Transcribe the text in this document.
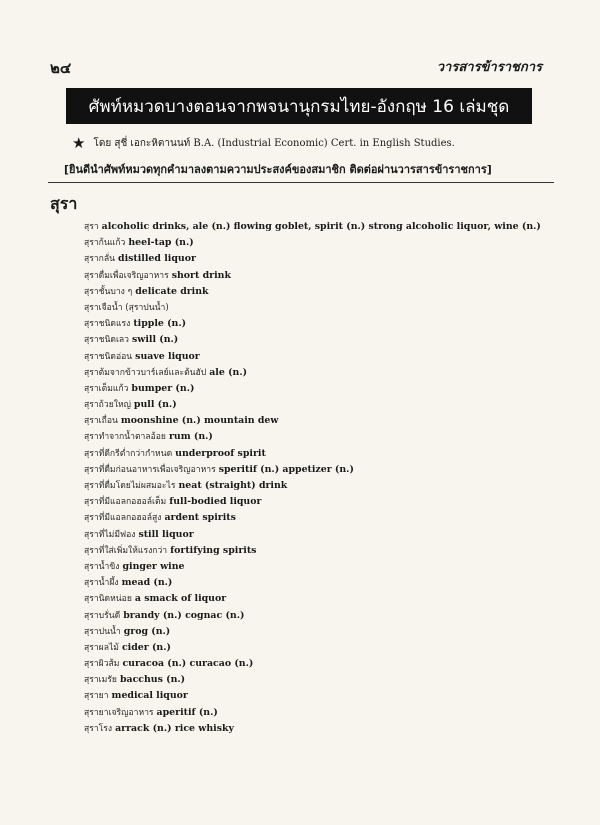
๒๔	วารสารข้าราชการ
ศัพท์หมวดบางตอนจากพจนานุกรมไทย-อังกฤษ 16 เล่มชุด
★ โดย สุชี่ เอกะหิตานนท์ B.A. (Industrial Economic) Cert. in English Studies.
[ยินดีนำศัพท์หมวดทุกคำมาลงตามความประสงค์ของสมาชิก ติดต่อผ่านวารสารข้าราชการ]
สุรา
สุรา alcoholic drinks, ale (n.) flowing goblet, spirit (n.) strong alcoholic liquor, wine (n.)
สุราก้นแก้ว heel-tap (n.)
สุรากลั่น distilled liquor
สุราดื่มเพื่อเจริญอาหาร short drink
สุราชั้นบาง ๆ delicate drink
สุราเจือน้ำ (สุราปนน้ำ)
สุราชนิดแรง tipple (n.)
สุราชนิดเลว swill (n.)
สุราชนิดอ่อน suave liquor
สุราต้มจากข้าวบาร์เลย์และต้นฮัป ale (n.)
สุราเต็มแก้ว bumper (n.)
สุราถ้วยใหญ่ pull (n.)
สุราเถื่อน moonshine (n.) mountain dew
สุราทำจากน้ำตาลอ้อย rum (n.)
สุราที่ดีกรีต่ำกว่ากำหนด underproof spirit
สุราที่ดื่มก่อนอาหารเพื่อเจริญอาหาร speritif (n.) appetizer (n.)
สุราที่ดื่มโดยไม่ผสมอะไร neat (straight) drink
สุราที่มีแอลกอฮอล์เต็ม full-bodied liquor
สุราที่มีแอลกอฮอล์สูง ardent spirits
สุราที่ไม่มีฟอง still liquor
สุราที่ใส่เพิ่มให้แรงกว่า fortifying spirits
สุราน้ำขิง ginger wine
สุราน้ำผึ้ง mead (n.)
สุรานิดหน่อย a smack of liquor
สุราบรั่นดี brandy (n.) cognac (n.)
สุราปนน้ำ grog (n.)
สุราผลไม้ cider (n.)
สุราผิวส้ม curacoa (n.) curacao (n.)
สุราเมรัย bacchus (n.)
สุรายา medical liquor
สุรายาเจริญอาหาร aperitif (n.)
สุราโรง arrack (n.) rice whisky
